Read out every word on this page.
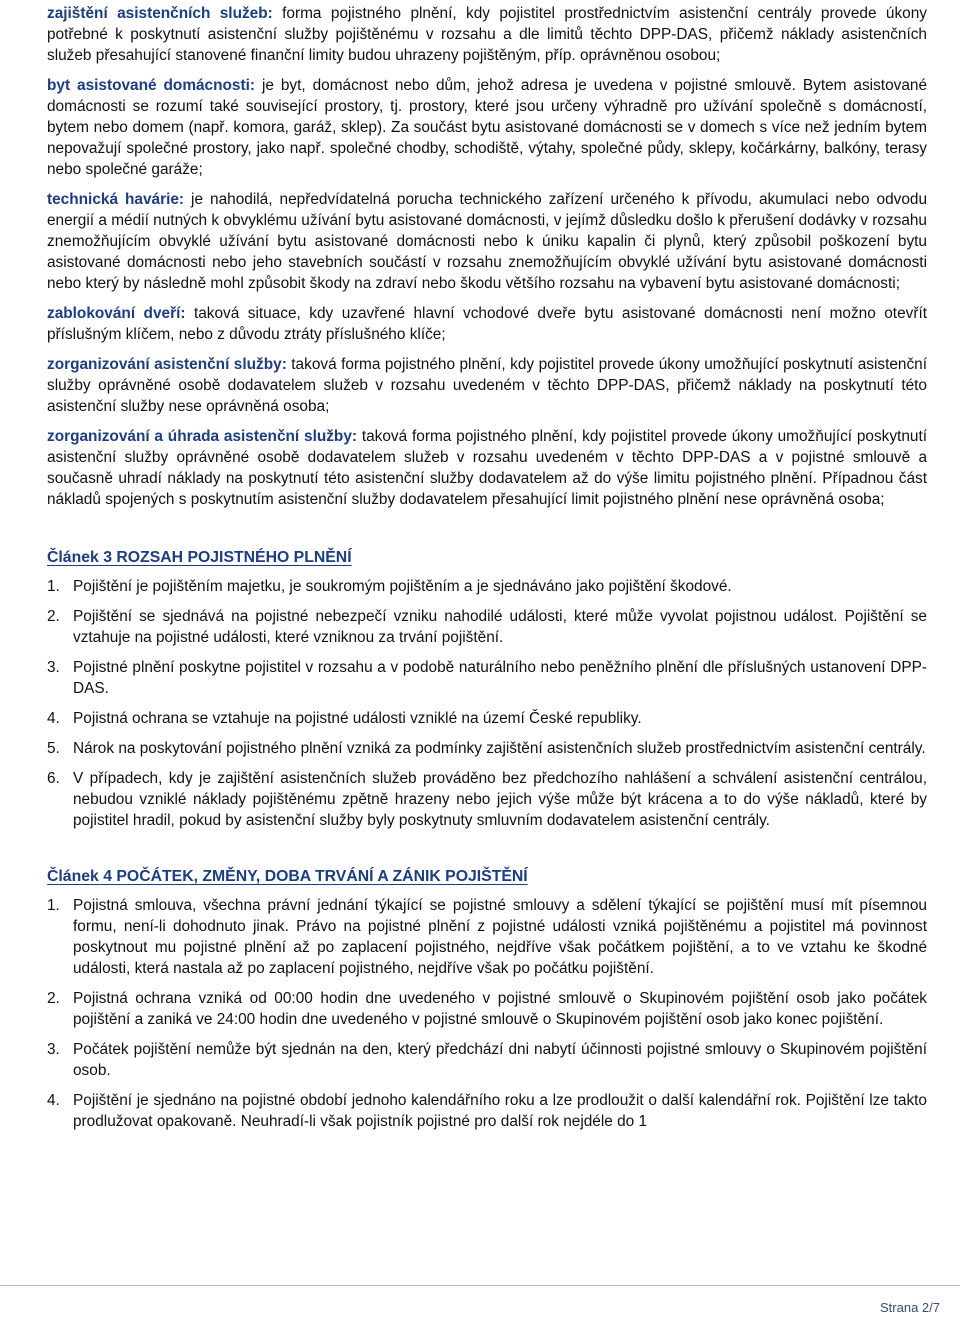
zajištění asistenčních služeb: forma pojistného plnění, kdy pojistitel prostřednictvím asistenční centrály provede úkony potřebné k poskytnutí asistenční služby pojištěnému v rozsahu a dle limitů těchto DPP-DAS, přičemž náklady asistenčních služeb přesahující stanovené finanční limity budou uhrazeny pojištěným, příp. oprávněnou osobou;

byt asistované domácnosti: je byt, domácnost nebo dům, jehož adresa je uvedena v pojistné smlouvě. Bytem asistované domácnosti se rozumí také související prostory, tj. prostory, které jsou určeny výhradně pro užívání společně s domácností, bytem nebo domem (např. komora, garáž, sklep). Za součást bytu asistované domácnosti se v domech s více než jedním bytem nepovažují společné prostory, jako např. společné chodby, schodiště, výtahy, společné půdy, sklepy, kočárkárny, balkóny, terasy nebo společné garáže;

technická havárie: je nahodilá, nepředvídatelná porucha technického zařízení určeného k přívodu, akumulaci nebo odvodu energií a médií nutných k obvyklému užívání bytu asistované domácnosti, v jejímž důsledku došlo k přerušení dodávky v rozsahu znemožňujícím obvyklé užívání bytu asistované domácnosti nebo k úniku kapalin či plynů, který způsobil poškození bytu asistované domácnosti nebo jeho stavebních součástí v rozsahu znemožňujícím obvyklé užívání bytu asistované domácnosti nebo který by následně mohl způsobit škody na zdraví nebo škodu většího rozsahu na vybavení bytu asistované domácnosti;

zablokování dveří: taková situace, kdy uzavřené hlavní vchodové dveře bytu asistované domácnosti není možno otevřít příslušným klíčem, nebo z důvodu ztráty příslušného klíče;

zorganizování asistenční služby: taková forma pojistného plnění, kdy pojistitel provede úkony umožňující poskytnutí asistenční služby oprávněné osobě dodavatelem služeb v rozsahu uvedeném v těchto DPP-DAS, přičemž náklady na poskytnutí této asistenční služby nese oprávněná osoba;

zorganizování a úhrada asistenční služby: taková forma pojistného plnění, kdy pojistitel provede úkony umožňující poskytnutí asistenční služby oprávněné osobě dodavatelem služeb v rozsahu uvedeném v těchto DPP-DAS a v pojistné smlouvě a současně uhradí náklady na poskytnutí této asistenční služby dodavatelem až do výše limitu pojistného plnění. Případnou část nákladů spojených s poskytnutím asistenční služby dodavatelem přesahující limit pojistného plnění nese oprávněná osoba;

Článek 3 ROZSAH POJISTNÉHO PLNĚNÍ
1. Pojištění je pojištěním majetku, je soukromým pojištěním a je sjednáváno jako pojištění škodové.
2. Pojištění se sjednává na pojistné nebezpečí vzniku nahodilé události, které může vyvolat pojistnou událost. Pojištění se vztahuje na pojistné události, které vzniknou za trvání pojištění.
3. Pojistné plnění poskytne pojistitel v rozsahu a v podobě naturálního nebo peněžního plnění dle příslušných ustanovení DPP-DAS.
4. Pojistná ochrana se vztahuje na pojistné události vzniklé na území České republiky.
5. Nárok na poskytování pojistného plnění vzniká za podmínky zajištění asistenčních služeb prostřednictvím asistenční centrály.
6. V případech, kdy je zajištění asistenčních služeb prováděno bez předchozího nahlášení a schválení asistenční centrálou, nebudou vzniklé náklady pojištěnému zpětně hrazeny nebo jejich výše může být krácena a to do výše nákladů, které by pojistitel hradil, pokud by asistenční služby byly poskytnuty smluvním dodavatelem asistenční centrály.
Článek 4 POČÁTEK, ZMĚNY, DOBA TRVÁNÍ A ZÁNIK POJIŠTĚNÍ
1. Pojistná smlouva, všechna právní jednání týkající se pojistné smlouvy a sdělení týkající se pojištění musí mít písemnou formu, není-li dohodnuto jinak. Právo na pojistné plnění z pojistné události vzniká pojištěnému a pojistitel má povinnost poskytnout mu pojistné plnění až po zaplacení pojistného, nejdříve však počátkem pojištění, a to ve vztahu ke škodné události, která nastala až po zaplacení pojistného, nejdříve však po počátku pojištění.
2. Pojistná ochrana vzniká od 00:00 hodin dne uvedeného v pojistné smlouvě o Skupinovém pojištění osob jako počátek pojištění a zaniká ve 24:00 hodin dne uvedeného v pojistné smlouvě o Skupinovém pojištění osob jako konec pojištění.
3. Počátek pojištění nemůže být sjednán na den, který předchází dni nabytí účinnosti pojistné smlouvy o Skupinovém pojištění osob.
4. Pojištění je sjednáno na pojistné období jednoho kalendářního roku a lze prodloužit o další kalendářní rok. Pojištění lze takto prodlužovat opakovaně. Neuhradí-li však pojistník pojistné pro další rok nejdéle do 1
Strana 2/7
